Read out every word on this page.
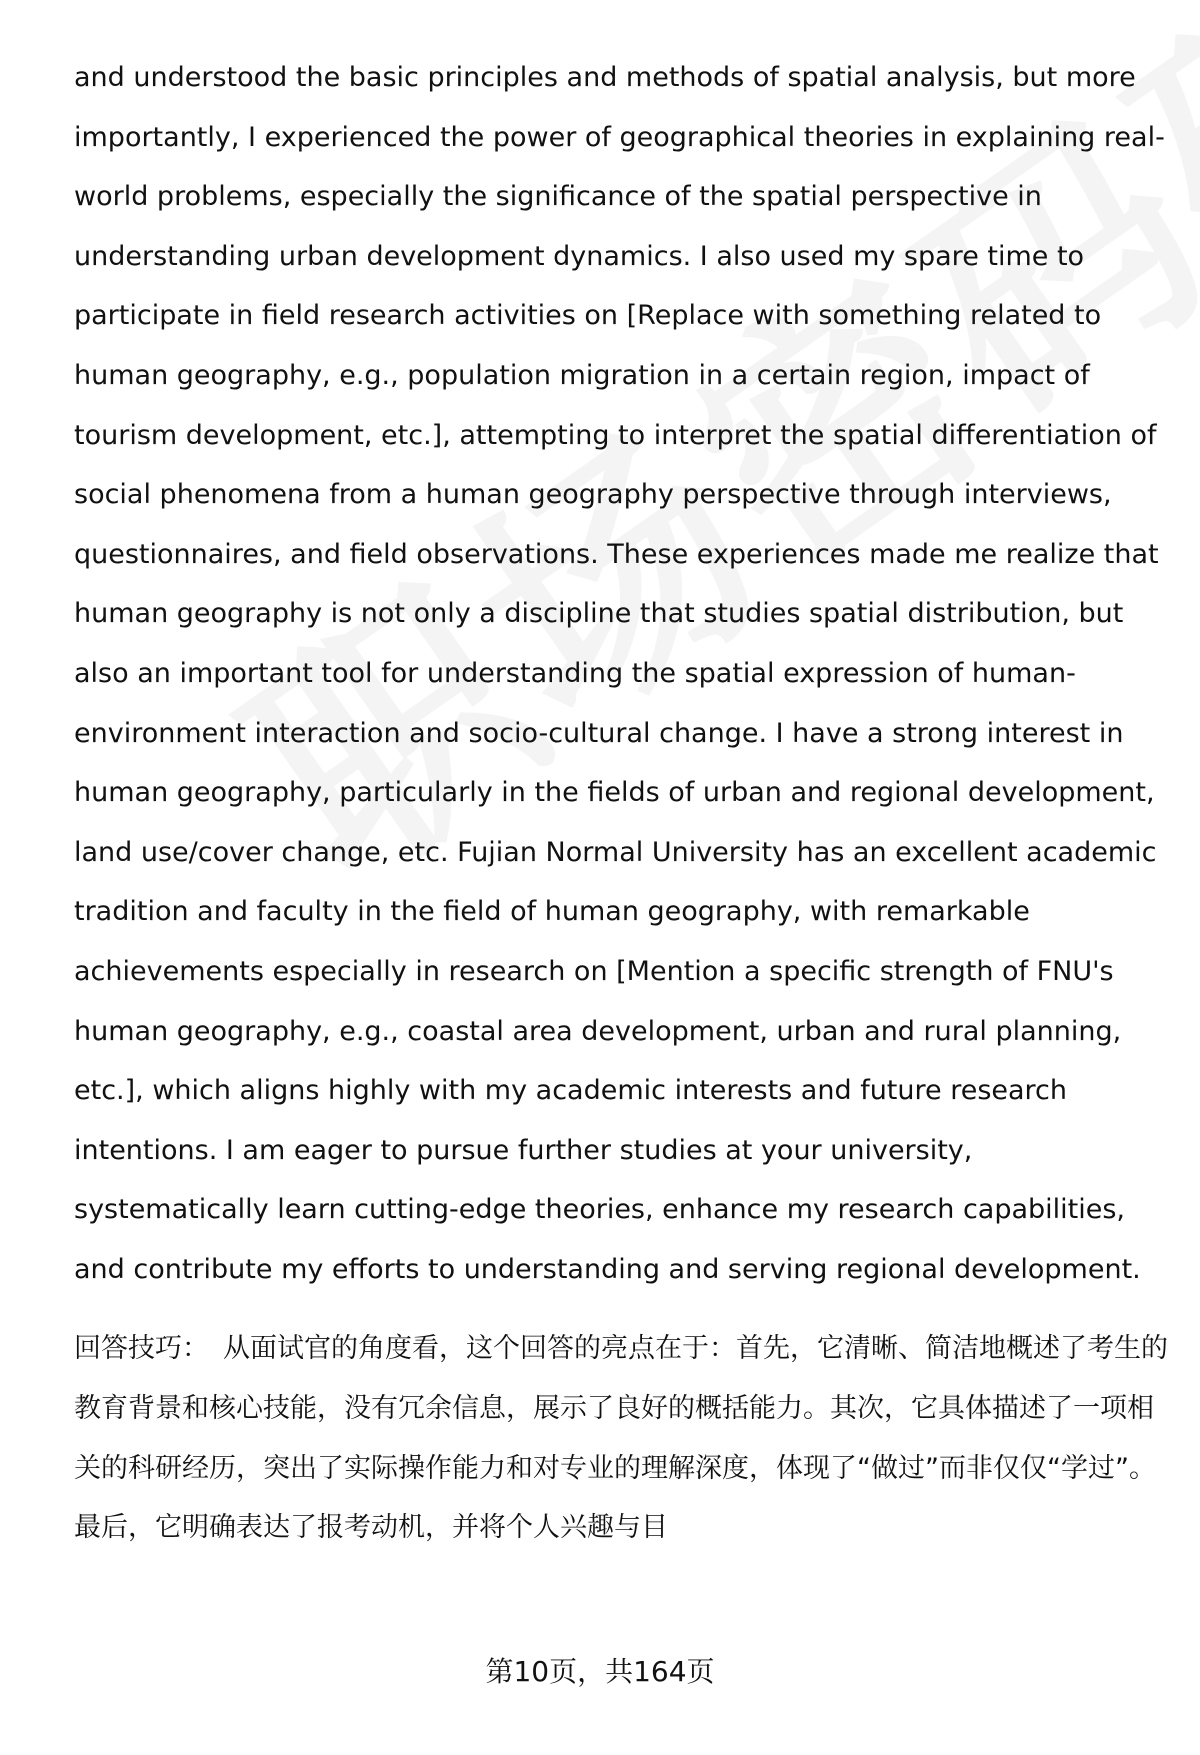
and understood the basic principles and methods of spatial analysis, but more importantly, I experienced the power of geographical theories in explaining real-world problems, especially the significance of the spatial perspective in understanding urban development dynamics. I also used my spare time to participate in field research activities on [Replace with something related to human geography, e.g., population migration in a certain region, impact of tourism development, etc.], attempting to interpret the spatial differentiation of social phenomena from a human geography perspective through interviews, questionnaires, and field observations. These experiences made me realize that human geography is not only a discipline that studies spatial distribution, but also an important tool for understanding the spatial expression of human-environment interaction and socio-cultural change. I have a strong interest in human geography, particularly in the fields of urban and regional development, land use/cover change, etc. Fujian Normal University has an excellent academic tradition and faculty in the field of human geography, with remarkable achievements especially in research on [Mention a specific strength of FNU's human geography, e.g., coastal area development, urban and rural planning, etc.], which aligns highly with my academic interests and future research intentions. I am eager to pursue further studies at your university, systematically learn cutting-edge theories, enhance my research capabilities, and contribute my efforts to understanding and serving regional development.

回答技巧： 从面试官的角度看，这个回答的亮点在于：首先，它清晰、简洁地概述了考生的教育背景和核心技能，没有冗余信息，展示了良好的概括能力。其次，它具体描述了一项相关的科研经历，突出了实际操作能力和对专业的理解深度，体现了“做过”而非仅仅“学过”。最后，它明确表达了报考动机，并将个人兴趣与目

第10页，共164页
